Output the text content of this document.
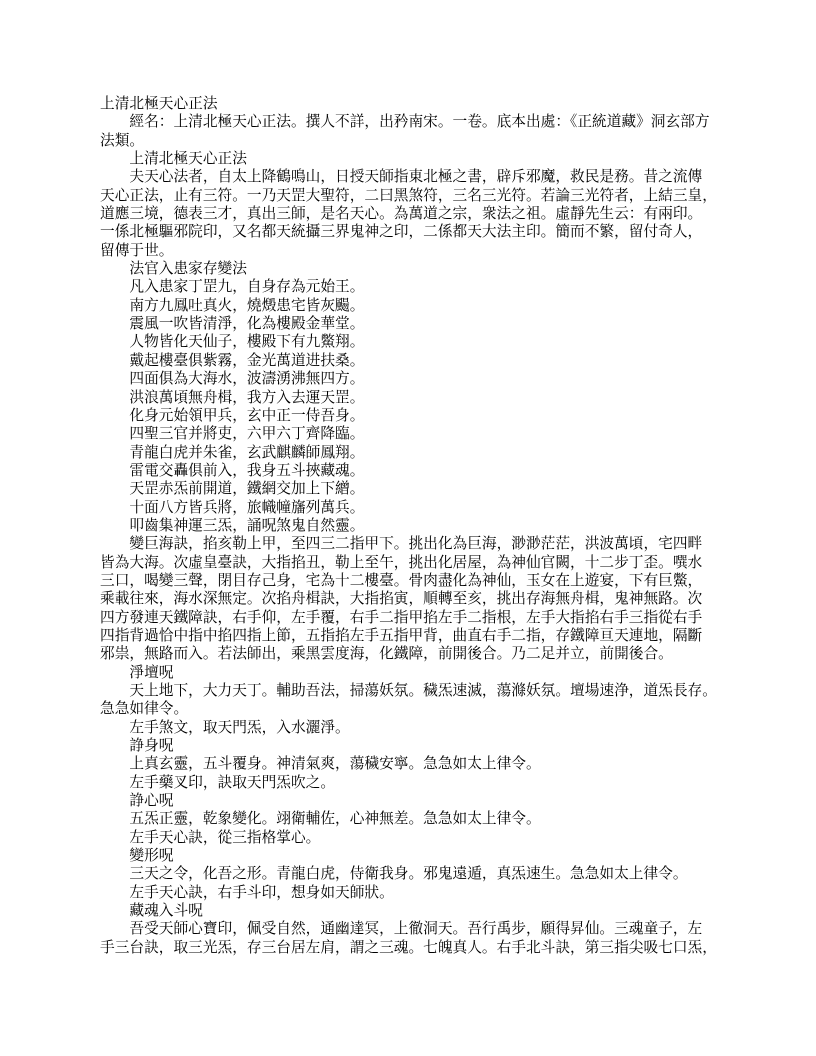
上清北極天心正法
經名：上清北極天心正法。撰人不詳，出矜南宋。一卷。底本出處：《正統道藏》洞玄部方
法類。
上清北極天心正法
夫天心法者，自太上降鶴鳴山，日授天師指東北極之書，辟斥邪魔，救民是務。昔之流傳
天心正法，止有三符。一乃天罡大聖符，二曰黑煞符，三名三光符。若論三光符者，上結三皇，
道應三境，德表三才，真出三師，是名天心。為萬道之宗，衆法之祖。虛靜先生云：有兩印。
一係北極驅邪院印，又名都天統攝三界鬼神之印，二係都天大法主印。簡而不繁，留付奇人，
留傳于世。
法官入患家存變法
凡入患家丁罡九，自身存為元始王。
南方九鳳吐真火，燒燬患宅皆灰颺。
震風一吹皆清淨，化為樓殿金華堂。
人物皆化天仙子，樓殿下有九鱉翔。
戴起樓臺俱紫霧，金光萬道进扶桑。
四面俱為大海水，波濤湧沸無四方。
洪浪萬頃無舟楫，我方入去運天罡。
化身元始領甲兵，玄中正一侍吾身。
四聖三官并將吏，六甲六丁齊降臨。
青龍白虎并朱雀，玄武麒麟師鳳翔。
雷電交轟俱前入，我身五斗挾藏魂。
天罡赤炁前開道，鐵網交加上下繒。
十面八方皆兵將，旅幟幢旛列萬兵。
叩齒集神運三炁，誦呪煞鬼自然靈。
變巨海訣，掐亥勒上甲，至四三二指甲下。挑出化為巨海，渺渺茫茫，洪波萬頃，宅四畔
皆為大海。次虛皇臺訣，大指掐丑，勒上至午，挑出化居屋，為神仙官闕，十二步丁歪。噀水
三口，喝變三聲，閉目存己身，宅為十二樓臺。骨肉盡化為神仙，玉女在上遊宴，下有巨鱉，
乘載往來，海水深無定。次掐舟楫訣，大指掐寅，順轉至亥，挑出存海無舟楫，鬼神無路。次
四方發連天鐵障訣，右手仰，左手覆，右手二指甲掐左手二指根，左手大指掐右手三指從右手
四指背過恰中指中掐四指上節，五指掐左手五指甲背，曲直右手二指，存鐵障亘天連地，隔斷
邪祟，無路而入。若法師出，乘黑雲度海，化鐵障，前開後合。乃二足并立，前開後合。
淨壇呪
天上地下，大力天丁。輔助吾法，掃蕩妖氛。穢炁速滅，蕩滌妖氛。壇場速浄，道炁長存。
急急如律令。
左手煞文，取天門炁，入水灑淨。
諍身呪
上真玄靈，五斗覆身。神清氣爽，蕩穢安寧。急急如太上律令。
左手藥叉印，訣取天門炁吹之。
諍心呪
五炁正靈，乾象變化。翊衛輔佐，心神無差。急急如太上律令。
左手天心訣，從三指格掌心。
變形呪
三天之令，化吾之形。青龍白虎，侍衛我身。邪鬼遠遁，真炁速生。急急如太上律令。
左手天心訣，右手斗印，想身如天師狀。
藏魂入斗呪
吾受天師心寶印，佩受自然，通幽達冥，上徹洞天。吾行禹步，願得昇仙。三魂童子，左
手三台訣，取三光炁，存三台居左肩，謂之三魂。七魄真人。右手北斗訣，第三指尖吸七口炁，
